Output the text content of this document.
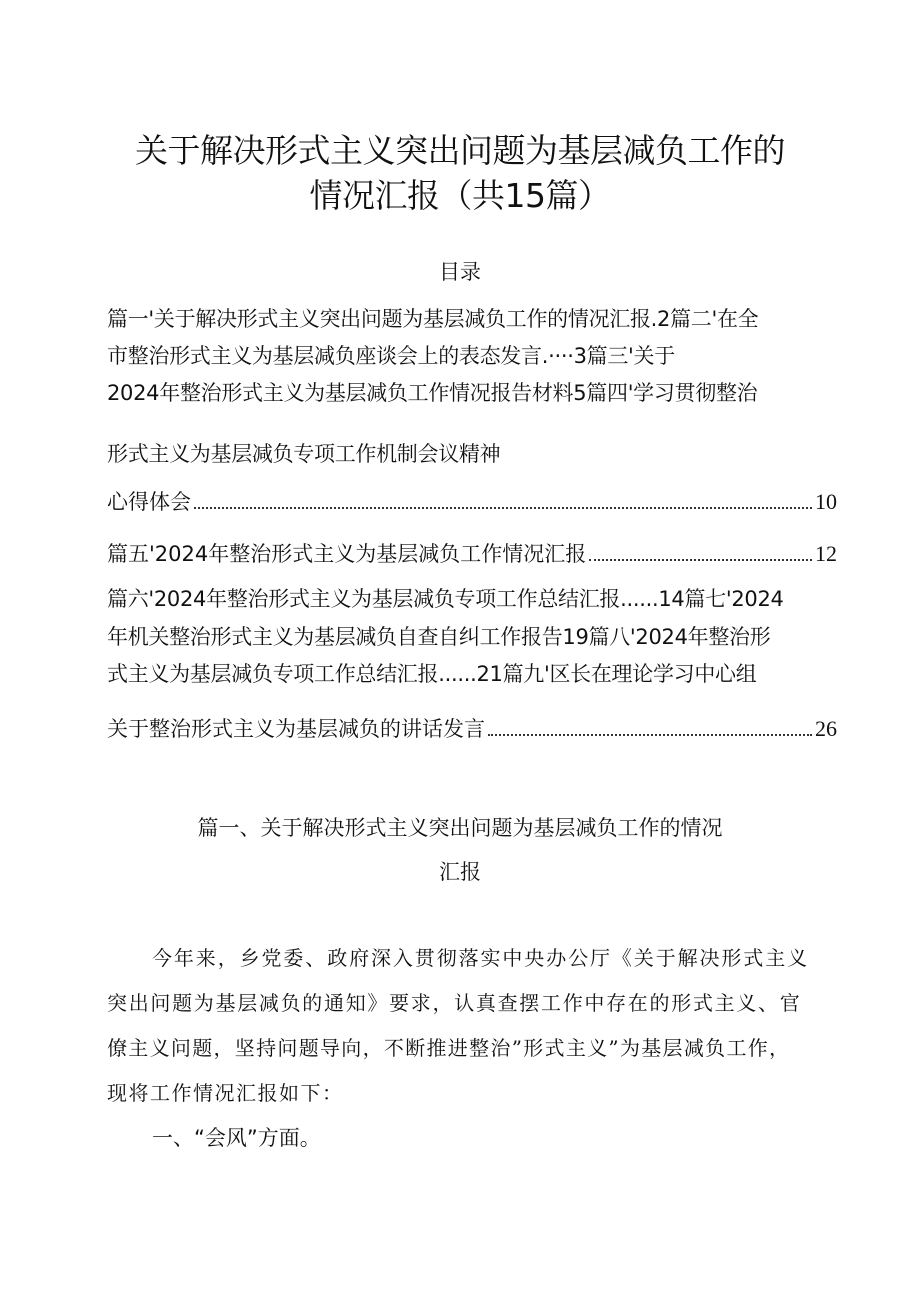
关于解决形式主义突出问题为基层减负工作的
情况汇报（共15篇）
目录
篇一'关于解决形式主义突出问题为基层减负工作的情况汇报.2篇二'在全
市整治形式主义为基层减负座谈会上的表态发言.····3篇三'关于
2024年整治形式主义为基层减负工作情况报告材料5篇四'学习贯彻整治
形式主义为基层减负专项工作机制会议精神
心得体会	10
篇五'2024年整治形式主义为基层减负工作情况汇报	12
篇六'2024年整治形式主义为基层减负专项工作总结汇报......14篇七'2024
年机关整治形式主义为基层减负自查自纠工作报告19篇八'2024年整治形
式主义为基层减负专项工作总结汇报......21篇九'区长在理论学习中心组
关于整治形式主义为基层减负的讲话发言	26
篇一、关于解决形式主义突出问题为基层减负工作的情况
汇报
今年来，乡党委、政府深入贯彻落实中央办公厅《关于解决形式主义
突出问题为基层减负的通知》要求，认真查摆工作中存在的形式主义、官
僚主义问题，坚持问题导向，不断推进整治”形式主义”为基层减负工作，
现将工作情况汇报如下：
一、“会风”方面。
